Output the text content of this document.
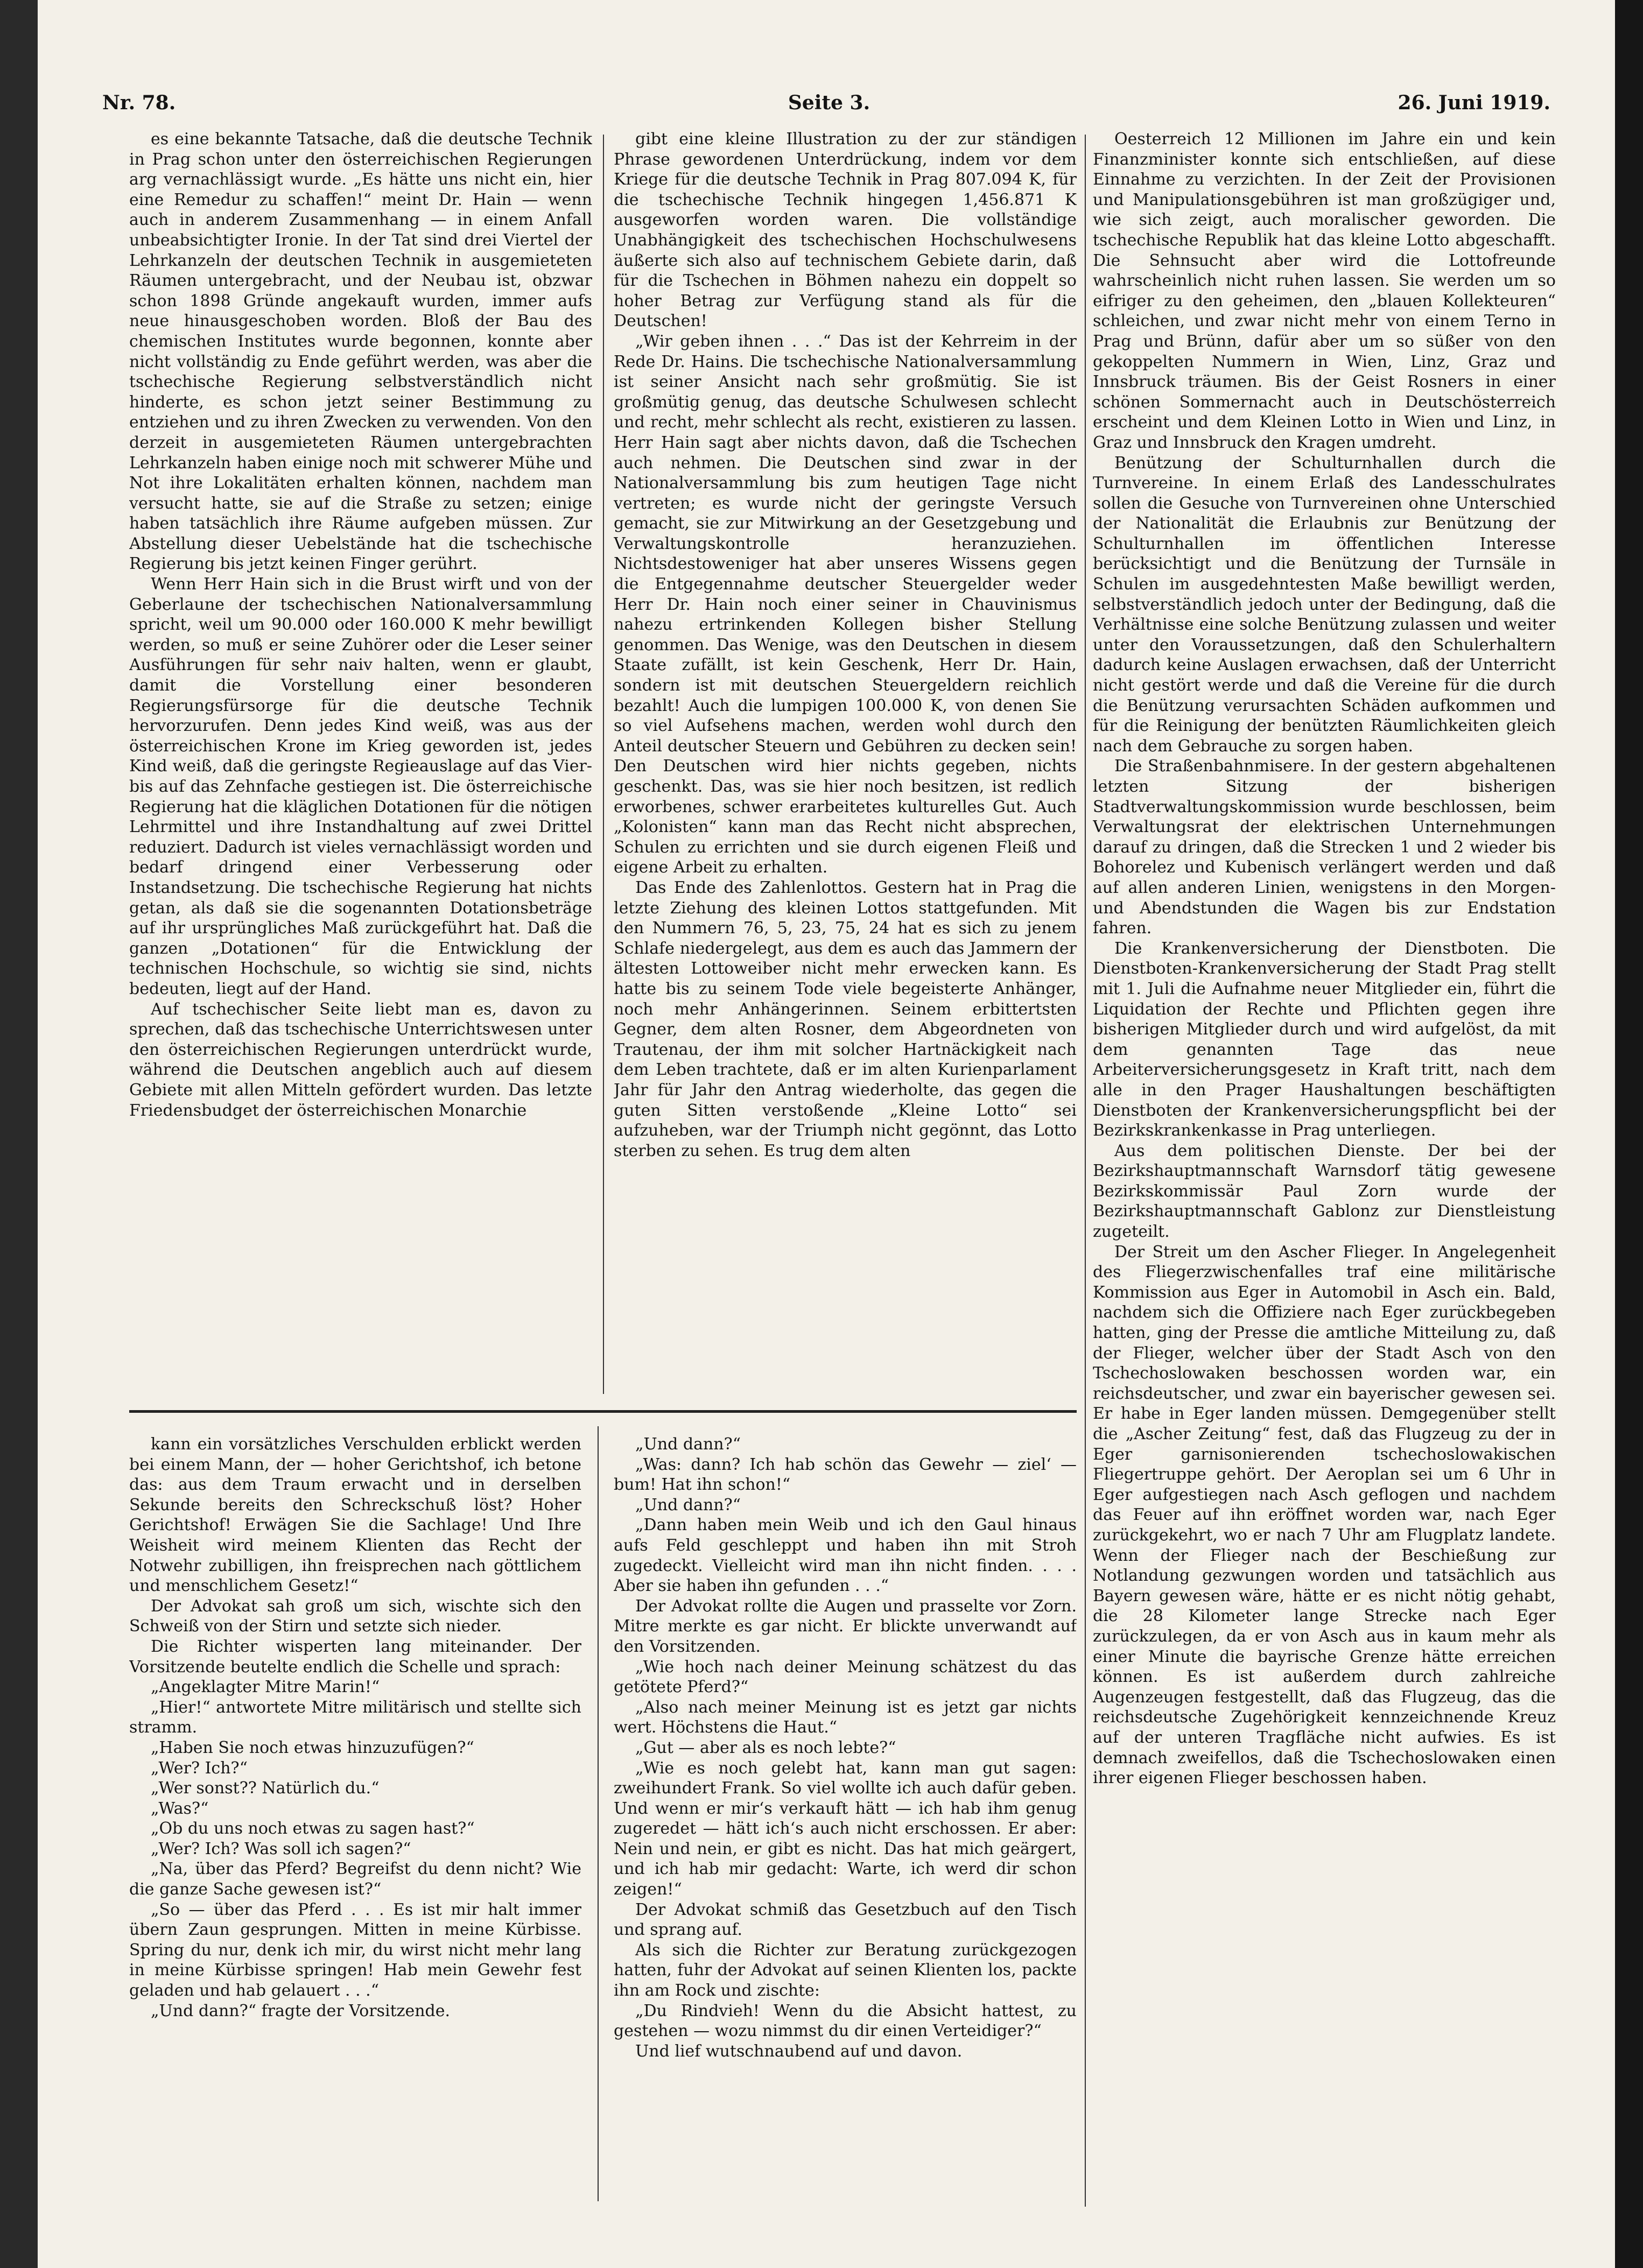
Nr. 78.	Seite 3.	26. Juni 1919.

es eine bekannte Tatsache, daß die deutsche Technik in Prag schon unter den österreichischen Regierungen arg vernachlässigt wurde. „Es hätte uns nicht ein, hier eine Remedur zu schaffen!“ meint Dr. Hain — wenn auch in anderem Zusammenhang — in einem Anfall unbeabsichtigter Ironie. In der Tat sind drei Viertel der Lehrkanzeln der deutschen Technik in ausgemieteten Räumen untergebracht, und der Neubau ist, obzwar schon 1898 Gründe angekauft wurden, immer aufs neue hinausgeschoben worden. Bloß der Bau des chemischen Institutes wurde begonnen, konnte aber nicht vollständig zu Ende geführt werden, was aber die tschechische Regierung selbstverständlich nicht hinderte, es schon jetzt seiner Bestimmung zu entziehen und zu ihren Zwecken zu verwenden. Von den derzeit in ausgemieteten Räumen untergebrachten Lehrkanzeln haben einige noch mit schwerer Mühe und Not ihre Lokalitäten erhalten können, nachdem man versucht hatte, sie auf die Straße zu setzen; einige haben tatsächlich ihre Räume aufgeben müssen. Zur Abstellung dieser Uebelstände hat die tschechische Regierung bis jetzt keinen Finger gerührt.

Wenn Herr Hain sich in die Brust wirft und von der Geberlaune der tschechischen Nationalversammlung spricht, weil um 90.000 oder 160.000 K mehr bewilligt werden, so muß er seine Zuhörer oder die Leser seiner Ausführungen für sehr naiv halten, wenn er glaubt, damit die Vorstellung einer besonderen Regierungsfürsorge für die deutsche Technik hervorzurufen. Denn jedes Kind weiß, was aus der österreichischen Krone im Krieg geworden ist, jedes Kind weiß, daß die geringste Regieauslage auf das Vier- bis auf das Zehnfache gestiegen ist. Die österreichische Regierung hat die kläglichen Dotationen für die nötigen Lehrmittel und ihre Instandhaltung auf zwei Drittel reduziert. Dadurch ist vieles vernachlässigt worden und bedarf dringend einer Verbesserung oder Instandsetzung. Die tschechische Regierung hat nichts getan, als daß sie die sogenannten Dotationsbeträge auf ihr ursprüngliches Maß zurückgeführt hat. Daß die ganzen „Dotationen“ für die Entwicklung der technischen Hochschule, so wichtig sie sind, nichts bedeuten, liegt auf der Hand.

Auf tschechischer Seite liebt man es, davon zu sprechen, daß das tschechische Unterrichtswesen unter den österreichischen Regierungen unterdrückt wurde, während die Deutschen angeblich auch auf diesem Gebiete mit allen Mitteln gefördert wurden. Das letzte Friedensbudget der österreichischen Monarchie

gibt eine kleine Illustration zu der zur ständigen Phrase gewordenen Unterdrückung, indem vor dem Kriege für die deutsche Technik in Prag 807.094 K, für die tschechische Technik hingegen 1,456.871 K ausgeworfen worden waren. Die vollständige Unabhängigkeit des tschechischen Hochschulwesens äußerte sich also auf technischem Gebiete darin, daß für die Tschechen in Böhmen nahezu ein doppelt so hoher Betrag zur Verfügung stand als für die Deutschen!

„Wir geben ihnen . . .“ Das ist der Kehrreim in der Rede Dr. Hains. Die tschechische Nationalversammlung ist seiner Ansicht nach sehr großmütig. Sie ist großmütig genug, das deutsche Schulwesen schlecht und recht, mehr schlecht als recht, existieren zu lassen. Herr Hain sagt aber nichts davon, daß die Tschechen auch nehmen. Die Deutschen sind zwar in der Nationalversammlung bis zum heutigen Tage nicht vertreten; es wurde nicht der geringste Versuch gemacht, sie zur Mitwirkung an der Gesetzgebung und Verwaltungskontrolle heranzuziehen. Nichtsdestoweniger hat aber unseres Wissens gegen die Entgegennahme deutscher Steuergelder weder Herr Dr. Hain noch einer seiner in Chauvinismus nahezu ertrinkenden Kollegen bisher Stellung genommen. Das Wenige, was den Deutschen in diesem Staate zufällt, ist kein Geschenk, Herr Dr. Hain, sondern ist mit deutschen Steuergeldern reichlich bezahlt! Auch die lumpigen 100.000 K, von denen Sie so viel Aufsehens machen, werden wohl durch den Anteil deutscher Steuern und Gebühren zu decken sein! Den Deutschen wird hier nichts gegeben, nichts geschenkt. Das, was sie hier noch besitzen, ist redlich erworbenes, schwer erarbeitetes kulturelles Gut. Auch „Kolonisten“ kann man das Recht nicht absprechen, Schulen zu errichten und sie durch eigenen Fleiß und eigene Arbeit zu erhalten.

Das Ende des Zahlenlottos. Gestern hat in Prag die letzte Ziehung des kleinen Lottos stattgefunden. Mit den Nummern 76, 5, 23, 75, 24 hat es sich zu jenem Schlafe niedergelegt, aus dem es auch das Jammern der ältesten Lottoweiber nicht mehr erwecken kann. Es hatte bis zu seinem Tode viele begeisterte Anhänger, noch mehr Anhängerinnen. Seinem erbittertsten Gegner, dem alten Rosner, dem Abgeordneten von Trautenau, der ihm mit solcher Hartnäckigkeit nach dem Leben trachtete, daß er im alten Kurienparlament Jahr für Jahr den Antrag wiederholte, das gegen die guten Sitten verstoßende „Kleine Lotto“ sei aufzuheben, war der Triumph nicht gegönnt, das Lotto sterben zu sehen. Es trug dem alten

Oesterreich 12 Millionen im Jahre ein und kein Finanzminister konnte sich entschließen, auf diese Einnahme zu verzichten. In der Zeit der Provisionen und Manipulationsgebühren ist man großzügiger und, wie sich zeigt, auch moralischer geworden. Die tschechische Republik hat das kleine Lotto abgeschafft. Die Sehnsucht aber wird die Lottofreunde wahrscheinlich nicht ruhen lassen. Sie werden um so eifriger zu den geheimen, den „blauen Kollekteuren“ schleichen, und zwar nicht mehr von einem Terno in Prag und Brünn, dafür aber um so süßer von den gekoppelten Nummern in Wien, Linz, Graz und Innsbruck träumen. Bis der Geist Rosners in einer schönen Sommernacht auch in Deutschösterreich erscheint und dem Kleinen Lotto in Wien und Linz, in Graz und Innsbruck den Kragen umdreht.

Benützung der Schulturnhallen durch die Turnvereine. In einem Erlaß des Landesschulrates sollen die Gesuche von Turnvereinen ohne Unterschied der Nationalität die Erlaubnis zur Benützung der Schulturnhallen im öffentlichen Interesse berücksichtigt und die Benützung der Turnsäle in Schulen im ausgedehntesten Maße bewilligt werden, selbstverständlich jedoch unter der Bedingung, daß die Verhältnisse eine solche Benützung zulassen und weiter unter den Voraussetzungen, daß den Schulerhaltern dadurch keine Auslagen erwachsen, daß der Unterricht nicht gestört werde und daß die Vereine für die durch die Benützung verursachten Schäden aufkommen und für die Reinigung der benützten Räumlichkeiten gleich nach dem Gebrauche zu sorgen haben.

Die Straßenbahnmisere. In der gestern abgehaltenen letzten Sitzung der bisherigen Stadtverwaltungskommission wurde beschlossen, beim Verwaltungsrat der elektrischen Unternehmungen darauf zu dringen, daß die Strecken 1 und 2 wieder bis Bohorelez und Kubenisch verlängert werden und daß auf allen anderen Linien, wenigstens in den Morgen- und Abendstunden die Wagen bis zur Endstation fahren.

Die Krankenversicherung der Dienstboten. Die Dienstboten-Krankenversicherung der Stadt Prag stellt mit 1. Juli die Aufnahme neuer Mitglieder ein, führt die Liquidation der Rechte und Pflichten gegen ihre bisherigen Mitglieder durch und wird aufgelöst, da mit dem genannten Tage das neue Arbeiterversicherungsgesetz in Kraft tritt, nach dem alle in den Prager Haushaltungen beschäftigten Dienstboten der Krankenversicherungspflicht bei der Bezirkskrankenkasse in Prag unterliegen.

Aus dem politischen Dienste. Der bei der Bezirkshauptmannschaft Warnsdorf tätig gewesene Bezirkskommissär Paul Zorn wurde der Bezirkshauptmannschaft Gablonz zur Dienstleistung zugeteilt.

Der Streit um den Ascher Flieger. In Angelegenheit des Fliegerzwischenfalles traf eine militärische Kommission aus Eger in Automobil in Asch ein. Bald, nachdem sich die Offiziere nach Eger zurückbegeben hatten, ging der Presse die amtliche Mitteilung zu, daß der Flieger, welcher über der Stadt Asch von den Tschechoslowaken beschossen worden war, ein reichsdeutscher, und zwar ein bayerischer gewesen sei. Er habe in Eger landen müssen. Demgegenüber stellt die „Ascher Zeitung“ fest, daß das Flugzeug zu der in Eger garnisonierenden tschechoslowakischen Fliegertruppe gehört. Der Aeroplan sei um 6 Uhr in Eger aufgestiegen nach Asch geflogen und nachdem das Feuer auf ihn eröffnet worden war, nach Eger zurückgekehrt, wo er nach 7 Uhr am Flugplatz landete. Wenn der Flieger nach der Beschießung zur Notlandung gezwungen worden und tatsächlich aus Bayern gewesen wäre, hätte er es nicht nötig gehabt, die 28 Kilometer lange Strecke nach Eger zurückzulegen, da er von Asch aus in kaum mehr als einer Minute die bayrische Grenze hätte erreichen können. Es ist außerdem durch zahlreiche Augenzeugen festgestellt, daß das Flugzeug, das die reichsdeutsche Zugehörigkeit kennzeichnende Kreuz auf der unteren Tragfläche nicht aufwies. Es ist demnach zweifellos, daß die Tschechoslowaken einen ihrer eigenen Flieger beschossen haben.

kann ein vorsätzliches Verschulden erblickt werden bei einem Mann, der — hoher Gerichtshof, ich betone das: aus dem Traum erwacht und in derselben Sekunde bereits den Schreckschuß löst? Hoher Gerichtshof! Erwägen Sie die Sachlage! Und Ihre Weisheit wird meinem Klienten das Recht der Notwehr zubilligen, ihn freisprechen nach göttlichem und menschlichem Gesetz!“

Der Advokat sah groß um sich, wischte sich den Schweiß von der Stirn und setzte sich nieder.

Die Richter wisperten lang miteinander. Der Vorsitzende beutelte endlich die Schelle und sprach:

„Angeklagter Mitre Marin!“

„Hier!“ antwortete Mitre militärisch und stellte sich stramm.

„Haben Sie noch etwas hinzuzufügen?“

„Wer? Ich?“

„Wer sonst?? Natürlich du.“

„Was?“

„Ob du uns noch etwas zu sagen hast?“

„Wer? Ich? Was soll ich sagen?“

„Na, über das Pferd? Begreifst du denn nicht? Wie die ganze Sache gewesen ist?“

„So — über das Pferd . . . Es ist mir halt immer übern Zaun gesprungen. Mitten in meine Kürbisse. Spring du nur, denk ich mir, du wirst nicht mehr lang in meine Kürbisse springen! Hab mein Gewehr fest geladen und hab gelauert . . .“

„Und dann?“ fragte der Vorsitzende.

„Und dann?“

„Was: dann? Ich hab schön das Gewehr — ziel‘ — bum! Hat ihn schon!“

„Und dann?“

„Dann haben mein Weib und ich den Gaul hinaus aufs Feld geschleppt und haben ihn mit Stroh zugedeckt. Vielleicht wird man ihn nicht finden. . . . Aber sie haben ihn gefunden . . .“

Der Advokat rollte die Augen und prasselte vor Zorn. Mitre merkte es gar nicht. Er blickte unverwandt auf den Vorsitzenden.

„Wie hoch nach deiner Meinung schätzest du das getötete Pferd?“

„Also nach meiner Meinung ist es jetzt gar nichts wert. Höchstens die Haut.“

„Gut — aber als es noch lebte?“

„Wie es noch gelebt hat, kann man gut sagen: zweihundert Frank. So viel wollte ich auch dafür geben. Und wenn er mir‘s verkauft hätt — ich hab ihm genug zugeredet — hätt ich‘s auch nicht erschossen. Er aber: Nein und nein, er gibt es nicht. Das hat mich geärgert, und ich hab mir gedacht: Warte, ich werd dir schon zeigen!“

Der Advokat schmiß das Gesetzbuch auf den Tisch und sprang auf.

Als sich die Richter zur Beratung zurückgezogen hatten, fuhr der Advokat auf seinen Klienten los, packte ihn am Rock und zischte:

„Du Rindvieh! Wenn du die Absicht hattest, zu gestehen — wozu nimmst du dir einen Verteidiger?“

Und lief wutschnaubend auf und davon.
